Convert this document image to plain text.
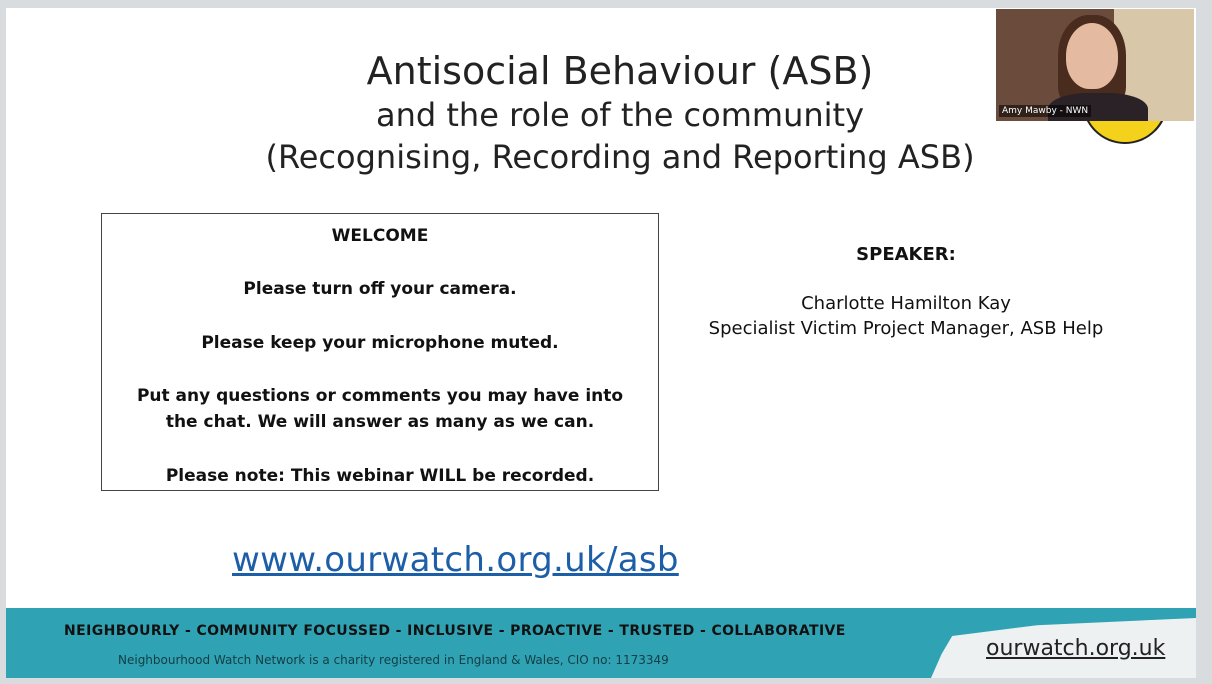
Antisocial Behaviour (ASB)
and the role of the community
(Recognising, Recording and Reporting ASB)
WELCOME
Please turn off your camera.
Please keep your microphone muted.
Put any questions or comments you may have into
the chat. We will answer as many as we can.
Please note: This webinar WILL be recorded.
SPEAKER:
Charlotte Hamilton Kay
Specialist Victim Project Manager, ASB Help
www.ourwatch.org.uk/asb
NEIGHBOURLY - COMMUNITY FOCUSSED - INCLUSIVE - PROACTIVE - TRUSTED - COLLABORATIVE
Neighbourhood Watch Network is a charity registered in England & Wales, CIO no: 1173349	ourwatch.org.uk
Amy Mawby - NWN
